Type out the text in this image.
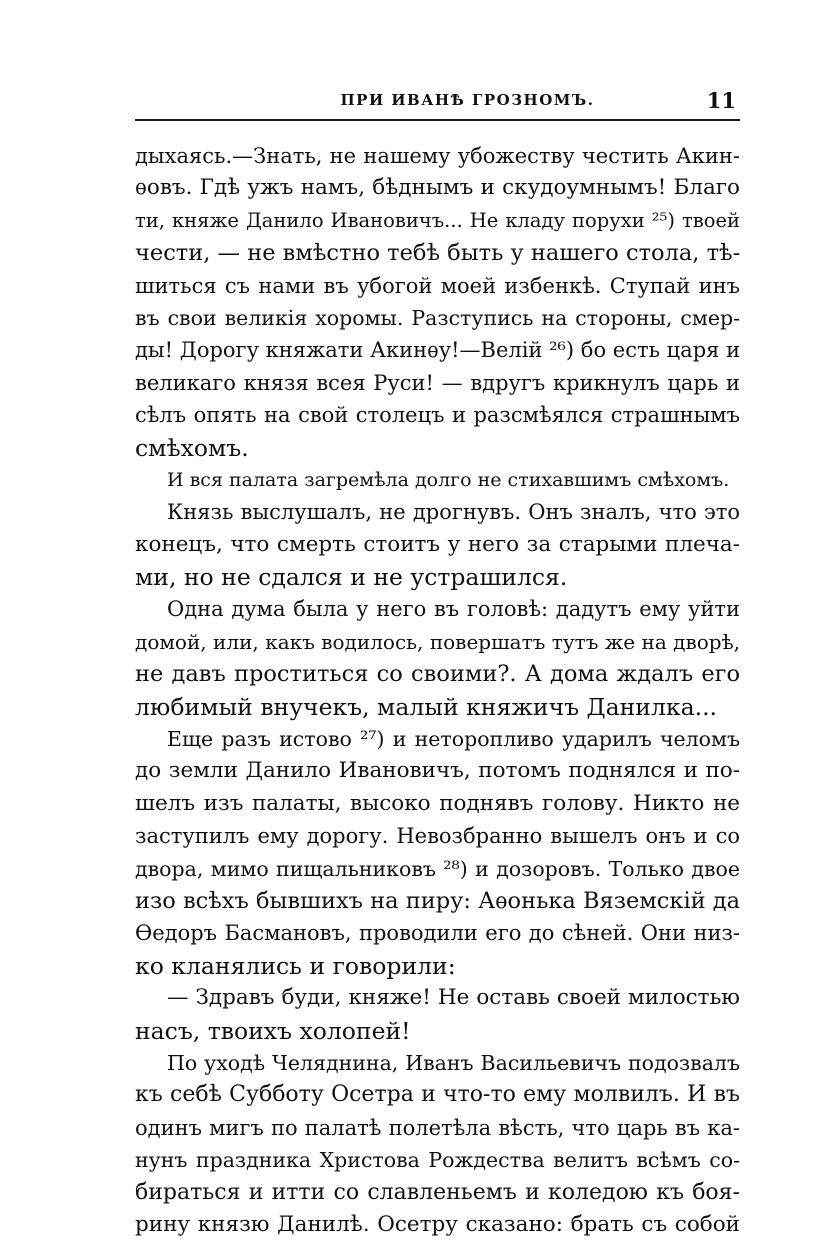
ПРИ ИВАНѢ ГРОЗНОМЪ.	11
дыхаясь.—Знать, не нашему убожеству честить Акин-
ѳовъ. Гдѣ ужъ намъ, бѣднымъ и скудоумнымъ! Благо
ти, княже Данило Ивановичъ... Не кладу порухи ²⁵) твоей
чести, — не вмѣстно тебѣ быть у нашего стола, тѣ-
шиться съ нами въ убогой моей избенкѣ. Ступай инъ
въ свои великія хоромы. Разступись на стороны, смер-
ды! Дорогу княжати Акинѳу!—Велій ²⁶) бо есть царя и
великаго князя всея Руси! — вдругъ крикнулъ царь и
сѣлъ опять на свой столецъ и разсмѣялся страшнымъ
смѣхомъ.
И вся палата загремѣла долго не стихавшимъ смѣхомъ.
Князь выслушалъ, не дрогнувъ. Онъ зналъ, что это
конецъ, что смерть стоитъ у него за старыми плеча-
ми, но не сдался и не устрашился.
Одна дума была у него въ головѣ: дадутъ ему уйти
домой, или, какъ водилось, повершатъ тутъ же на дворѣ,
не давъ проститься со своими?. А дома ждалъ его
любимый внучекъ, малый княжичъ Данилка...
Еще разъ истово ²⁷) и неторопливо ударилъ челомъ
до земли Данило Ивановичъ, потомъ поднялся и по-
шелъ изъ палаты, высоко поднявъ голову. Никто не
заступилъ ему дорогу. Невозбранно вышелъ онъ и со
двора, мимо пищальниковъ ²⁸) и дозоровъ. Только двое
изо всѣхъ бывшихъ на пиру: Аѳонька Вяземскій да
Ѳедоръ Басмановъ, проводили его до сѣней. Они низ-
ко кланялись и говорили:
— Здравъ буди, княже! Не оставь своей милостью
насъ, твоихъ холопей!
По уходѣ Челяднина, Иванъ Васильевичъ подозвалъ
къ себѣ Субботу Осетра и что-то ему молвилъ. И въ
одинъ мигъ по палатѣ полетѣла вѣсть, что царь въ ка-
нунъ праздника Христова Рождества велитъ всѣмъ со-
бираться и итти со славленьемъ и коледою къ боя-
рину князю Данилѣ. Осетру сказано: брать съ собой
